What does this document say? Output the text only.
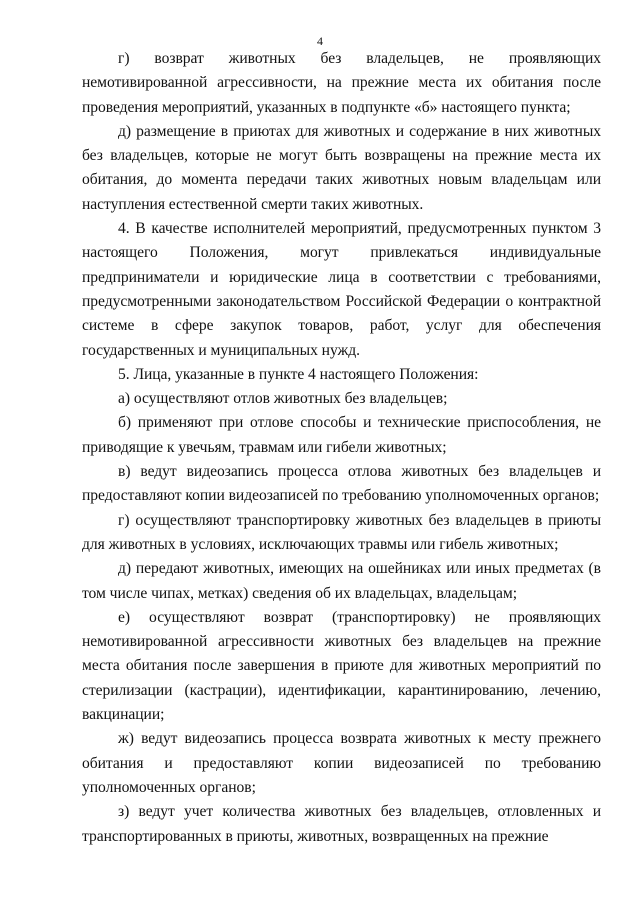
4

г) возврат животных без владельцев, не проявляющих немотивированной агрессивности, на прежние места их обитания после проведения мероприятий, указанных в подпункте «б» настоящего пункта;

д) размещение в приютах для животных и содержание в них животных без владельцев, которые не могут быть возвращены на прежние места их обитания, до момента передачи таких животных новым владельцам или наступления естественной смерти таких животных.

4. В качестве исполнителей мероприятий, предусмотренных пунктом 3 настоящего Положения, могут привлекаться индивидуальные предприниматели и юридические лица в соответствии с требованиями, предусмотренными законодательством Российской Федерации о контрактной системе в сфере закупок товаров, работ, услуг для обеспечения государственных и муниципальных нужд.

5. Лица, указанные в пункте 4 настоящего Положения:

а) осуществляют отлов животных без владельцев;

б) применяют при отлове способы и технические приспособления, не приводящие к увечьям, травмам или гибели животных;

в) ведут видеозапись процесса отлова животных без владельцев и предоставляют копии видеозаписей по требованию уполномоченных органов;

г) осуществляют транспортировку животных без владельцев в приюты для животных в условиях, исключающих травмы или гибель животных;

д) передают животных, имеющих на ошейниках или иных предметах (в том числе чипах, метках) сведения об их владельцах, владельцам;

е) осуществляют возврат (транспортировку) не проявляющих немотивированной агрессивности животных без владельцев на прежние места обитания после завершения в приюте для животных мероприятий по стерилизации (кастрации), идентификации, карантинированию, лечению, вакцинации;

ж) ведут видеозапись процесса возврата животных к месту прежнего обитания и предоставляют копии видеозаписей по требованию уполномоченных органов;

з) ведут учет количества животных без владельцев, отловленных и транспортированных в приюты, животных, возвращенных на прежние
